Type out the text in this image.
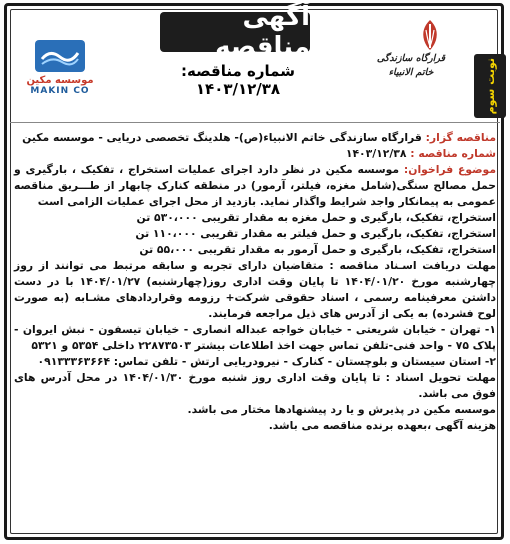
آگهی مناقصه
شماره مناقصه: ۱۴۰۳/۱۲/۳۸
قرارگاه سازندگی خاتم الانبیاء	نوبت سوم
موسسه مکین
MAKIN CO

مناقصه گزار: قرارگاه سازندگی خاتم الانبیاء(ص)- هلدینگ تخصصی دریایی - موسسه مکین

شماره مناقصه : ۱۴۰۳/۱۲/۳۸

موضوع فراخوان: موسسه مکین در نظر دارد اجرای عملیات استخراج ، تفکیک ، بارگیری و حمل مصالح سنگی(شامل مغزه، فیلتر، آرمور) در منطقه کنارک چابهار از طـــریق مناقصه عمومی به پیمانکار واجد شرایط واگذار نماید. بازدید از محل اجرای عملیات الزامی است

استخراج، تفکیک، بارگیری و حمل مغزه به مقدار تقریبی ۵۳۰،۰۰۰ تن

استخراج، تفکیک، بارگیری و حمل فیلتر به مقدار تقریبی ۱۱۰،۰۰۰ تن

استخراج، تفکیک، بارگیری و حمل آرمور به مقدار تقریبی ۵۵،۰۰۰ تن

مهلت دریافت اسـناد مناقصه : متقاضیان دارای تجربه و سابقه مرتبط می توانند از روز چهارشنبه مورخ ۱۴۰۴/۰۱/۲۰ تا پایان وقت اداری روز(چهارشنبه) ۱۴۰۴/۰۱/۲۷ با در دست داشتن معرفینامه رسمی ، اسناد حقوقی شرکت+ رزومه وقراردادهای مشـابه (به صورت لوح فشرده) به یکی از آدرس های ذیل مراجعه فرمایند.

۱- تهران - خیابان شریعتی - خیابان خواجه عبداله انصاری - خیابان تیسفون - نبش ایروان - پلاک ۷۵ - واحد فنی-تلفن تماس جهت اخذ اطلاعات بیشتر ۲۲۸۷۳۵۰۳ داخلی ۵۳۵۴ و ۵۳۲۱

۲- استان سیستان و بلوچستان - کنارک - نیرودریایی ارتش - تلفن تماس: ۰۹۱۳۳۳۶۳۶۶۴

مهلت تحویل اسناد : تا پایان وقت اداری روز شنبه مورخ ۱۴۰۴/۰۱/۳۰ در محل آدرس های فوق می باشد.

موسسه مکین در پذیرش و یا رد پیشنهادها مختار می باشد.

هزینه آگهی ،بعهده برنده مناقصه می باشد.
